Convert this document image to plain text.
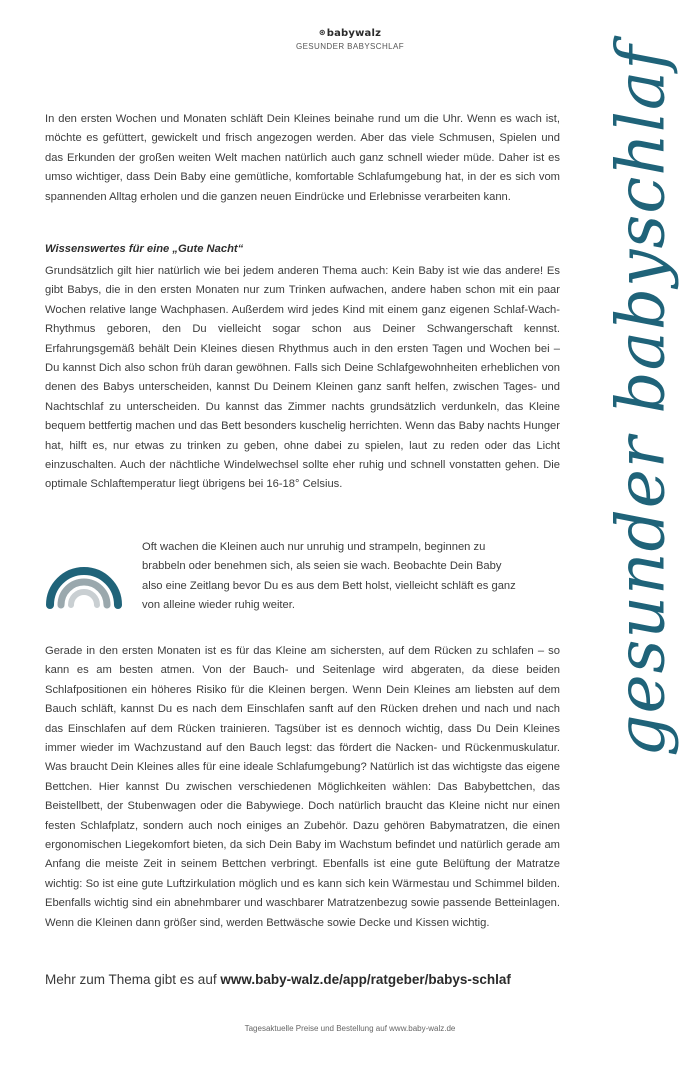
⊛babywalz
GESUNDER BABYSCHLAF	gesunder babyschlaf

In den ersten Wochen und Monaten schläft Dein Kleines beinahe rund um die Uhr. Wenn es wach ist, möchte es gefüttert, gewickelt und frisch angezogen werden. Aber das viele Schmusen, Spielen und das Erkunden der großen weiten Welt machen natürlich auch ganz schnell wieder müde. Daher ist es umso wichtiger, dass Dein Baby eine gemütliche, komfortable Schlafumgebung hat, in der es sich vom spannenden Alltag erholen und die ganzen neuen Eindrücke und Erlebnisse verarbeiten kann.

Wissenswertes für eine „Gute Nacht“

Grundsätzlich gilt hier natürlich wie bei jedem anderen Thema auch: Kein Baby ist wie das andere! Es gibt Babys, die in den ersten Monaten nur zum Trinken aufwachen, andere haben schon mit ein paar Wochen relative lange Wachphasen. Außerdem wird jedes Kind mit einem ganz eigenen Schlaf-Wach-Rhythmus geboren, den Du vielleicht sogar schon aus Deiner Schwangerschaft kennst. Erfahrungsgemäß behält Dein Kleines diesen Rhythmus auch in den ersten Tagen und Wochen bei – Du kannst Dich also schon früh daran gewöhnen. Falls sich Deine Schlafgewohnheiten erheblichen von denen des Babys unterscheiden, kannst Du Deinem Kleinen ganz sanft helfen, zwischen Tages- und Nachtschlaf zu unterscheiden. Du kannst das Zimmer nachts grundsätzlich verdunkeln, das Kleine bequem bettfertig machen und das Bett besonders kuschelig herrichten. Wenn das Baby nachts Hunger hat, hilft es, nur etwas zu trinken zu geben, ohne dabei zu spielen, laut zu reden oder das Licht einzuschalten. Auch der nächtliche Windelwechsel sollte eher ruhig und schnell vonstatten gehen. Die optimale Schlaftemperatur liegt übrigens bei 16-18° Celsius.

Oft wachen die Kleinen auch nur unruhig und strampeln, beginnen zu brabbeln oder benehmen sich, als seien sie wach. Beobachte Dein Baby also eine Zeitlang bevor Du es aus dem Bett holst, vielleicht schläft es ganz von alleine wieder ruhig weiter.

Gerade in den ersten Monaten ist es für das Kleine am sichersten, auf dem Rücken zu schlafen – so kann es am besten atmen. Von der Bauch- und Seitenlage wird abgeraten, da diese beiden Schlafpositionen ein höheres Risiko für die Kleinen bergen. Wenn Dein Kleines am liebsten auf dem Bauch schläft, kannst Du es nach dem Einschlafen sanft auf den Rücken drehen und nach und nach das Einschlafen auf dem Rücken trainieren. Tagsüber ist es dennoch wichtig, dass Du Dein Kleines immer wieder im Wachzustand auf den Bauch legst: das fördert die Nacken- und Rückenmuskulatur. Was braucht Dein Kleines alles für eine ideale Schlafumgebung? Natürlich ist das wichtigste das eigene Bettchen. Hier kannst Du zwischen verschiedenen Möglichkeiten wählen: Das Babybettchen, das Beistellbett, der Stubenwagen oder die Babywiege. Doch natürlich braucht das Kleine nicht nur einen festen Schlafplatz, sondern auch noch einiges an Zubehör. Dazu gehören Babymatratzen, die einen ergonomischen Liegekomfort bieten, da sich Dein Baby im Wachstum befindet und natürlich gerade am Anfang die meiste Zeit in seinem Bettchen verbringt. Ebenfalls ist eine gute Belüftung der Matratze wichtig: So ist eine gute Luftzirkulation möglich und es kann sich kein Wärmestau und Schimmel bilden. Ebenfalls wichtig sind ein abnehmbarer und waschbarer Matratzenbezug sowie passende Betteinlagen. Wenn die Kleinen dann größer sind, werden Bettwäsche sowie Decke und Kissen wichtig.

Mehr zum Thema gibt es auf www.baby-walz.de/app/ratgeber/babys-schlaf

Tagesaktuelle Preise und Bestellung auf www.baby-walz.de
